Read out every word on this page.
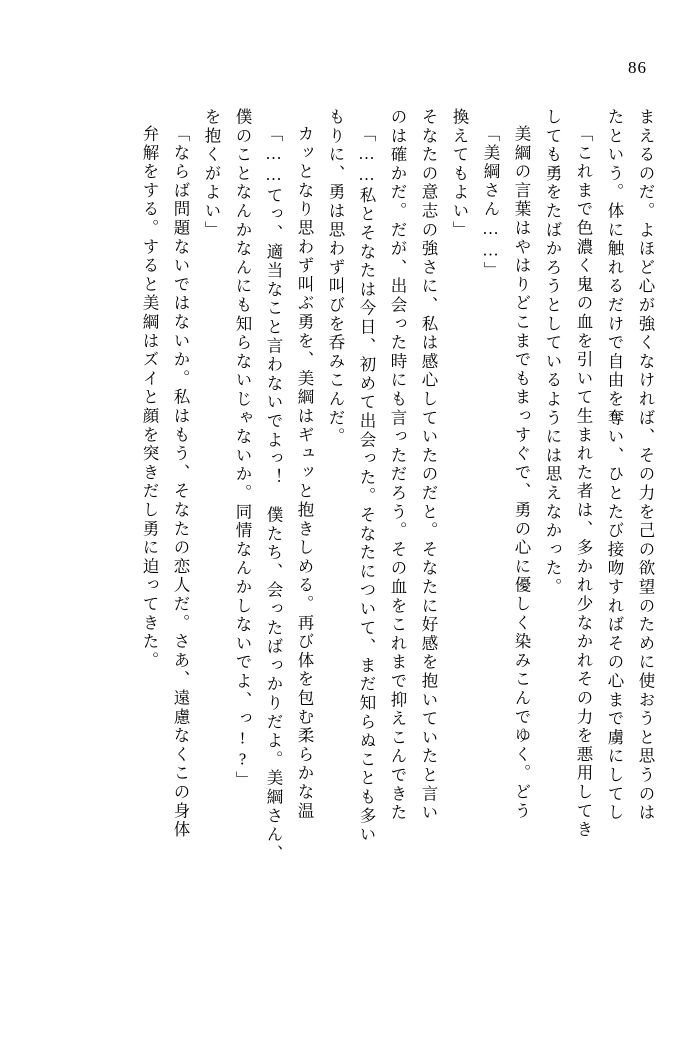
86
弁解をする。すると美綱はズイと顔を突きだし勇に迫ってきた。 「ならば問題ないではないか。私はもう、そなたの恋人だ。さあ、遠慮なくこの身体 を抱くがよい」 僕のことなんかなんにも知らないじゃないか。同情なんかしないでよ、っ!?」 「……てっ、適当なこと言わないでよっ！　僕たち、会ったばっかりだよ。美綱さん、 カッとなり思わず叫ぶ勇を、美綱はギュッと抱きしめる。再び体を包む柔らかな温 もりに、勇は思わず叫びを呑みこんだ。 「……私とそなたは今日、初めて出会った。そなたについて、まだ知らぬことも多い のは確かだ。だが、出会った時にも言っただろう。その血をこれまで抑えこんできた そなたの意志の強さに、私は感心していたのだと。そなたに好感を抱いていたと言い 換えてもよい」 「美綱さん……」 美綱の言葉はやはりどこまでもまっすぐで、勇の心に優しく染みこんでゆく。どう しても勇をたばかろうとしているようには思えなかった。 「これまで色濃く鬼の血を引いて生まれた者は、多かれ少なかれその力を悪用してき たという。体に触れるだけで自由を奪い、ひとたび接吻すればその心まで虜にしてし まえるのだ。よほど心が強くなければ、その力を己の欲望のために使おうと思うのは
